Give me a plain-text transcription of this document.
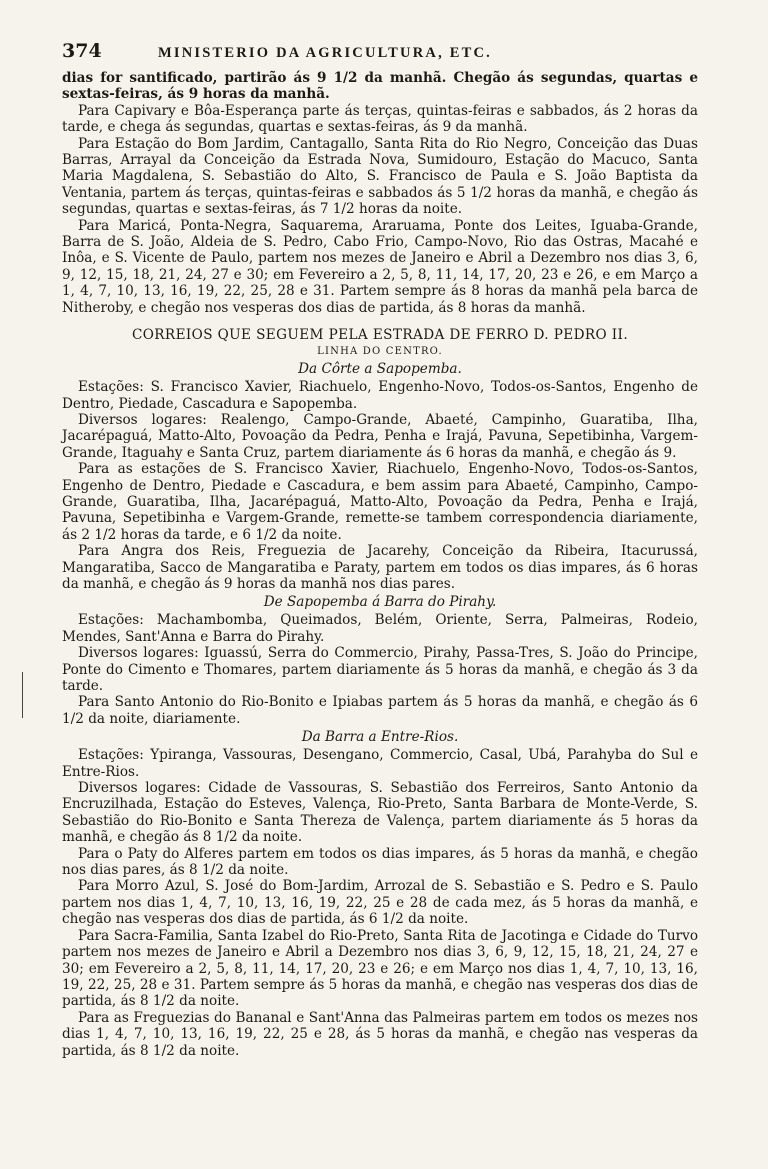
374	MINISTERIO DA AGRICULTURA, ETC.

dias for santificado, partirão ás 9 1/2 da manhã. Chegão ás segundas, quartas e sextas-feiras, ás 9 horas da manhã.

Para Capivary e Bôa-Esperança parte ás terças, quintas-feiras e sabbados, ás 2 horas da tarde, e chega ás segundas, quartas e sextas-feiras, ás 9 da manhã.

Para Estação do Bom Jardim, Cantagallo, Santa Rita do Rio Negro, Conceição das Duas Barras, Arrayal da Conceição da Estrada Nova, Sumidouro, Estação do Macuco, Santa Maria Magdalena, S. Sebastião do Alto, S. Francisco de Paula e S. João Baptista da Ventania, partem ás terças, quintas-feiras e sabbados ás 5 1/2 horas da manhã, e chegão ás segundas, quartas e sextas-feiras, ás 7 1/2 horas da noite.

Para Maricá, Ponta-Negra, Saquarema, Araruama, Ponte dos Leites, Iguaba-Grande, Barra de S. João, Aldeia de S. Pedro, Cabo Frio, Campo-Novo, Rio das Ostras, Macahé e Inôa, e S. Vicente de Paulo, partem nos mezes de Janeiro e Abril a Dezembro nos dias 3, 6, 9, 12, 15, 18, 21, 24, 27 e 30; em Fevereiro a 2, 5, 8, 11, 14, 17, 20, 23 e 26, e em Março a 1, 4, 7, 10, 13, 16, 19, 22, 25, 28 e 31. Partem sempre ás 8 horas da manhã pela barca de Nitheroby, e chegão nos vesperas dos dias de partida, ás 8 horas da manhã.

CORREIOS QUE SEGUEM PELA ESTRADA DE FERRO D. PEDRO II.
LINHA DO CENTRO.
Da Côrte a Sapopemba.

Estações: S. Francisco Xavier, Riachuelo, Engenho-Novo, Todos-os-Santos, Engenho de Dentro, Piedade, Cascadura e Sapopemba.

Diversos logares: Realengo, Campo-Grande, Abaeté, Campinho, Guaratiba, Ilha, Jacarépaguá, Matto-Alto, Povoação da Pedra, Penha e Irajá, Pavuna, Sepetibinha, Vargem-Grande, Itaguahy e Santa Cruz, partem diariamente ás 6 horas da manhã, e chegão ás 9.

Para as estações de S. Francisco Xavier, Riachuelo, Engenho-Novo, Todos-os-Santos, Engenho de Dentro, Piedade e Cascadura, e bem assim para Abaeté, Campinho, Campo-Grande, Guaratiba, Ilha, Jacarépaguá, Matto-Alto, Povoação da Pedra, Penha e Irajá, Pavuna, Sepetibinha e Vargem-Grande, remette-se tambem correspondencia diariamente, ás 2 1/2 horas da tarde, e 6 1/2 da noite.

Para Angra dos Reis, Freguezia de Jacarehy, Conceição da Ribeira, Itacurussá, Mangaratiba, Sacco de Mangaratiba e Paraty, partem em todos os dias impares, ás 6 horas da manhã, e chegão ás 9 horas da manhã nos dias pares.

De Sapopemba á Barra do Pirahy.

Estações: Machambomba, Queimados, Belém, Oriente, Serra, Palmeiras, Rodeio, Mendes, Sant'Anna e Barra do Pirahy.

Diversos logares: Iguassú, Serra do Commercio, Pirahy, Passa-Tres, S. João do Principe, Ponte do Cimento e Thomares, partem diariamente ás 5 horas da manhã, e chegão ás 3 da tarde.

Para Santo Antonio do Rio-Bonito e Ipiabas partem ás 5 horas da manhã, e chegão ás 6 1/2 da noite, diariamente.

Da Barra a Entre-Rios.

Estações: Ypiranga, Vassouras, Desengano, Commercio, Casal, Ubá, Parahyba do Sul e Entre-Rios.

Diversos logares: Cidade de Vassouras, S. Sebastião dos Ferreiros, Santo Antonio da Encruzilhada, Estação do Esteves, Valença, Rio-Preto, Santa Barbara de Monte-Verde, S. Sebastião do Rio-Bonito e Santa Thereza de Valença, partem diariamente ás 5 horas da manhã, e chegão ás 8 1/2 da noite.

Para o Paty do Alferes partem em todos os dias impares, ás 5 horas da manhã, e chegão nos dias pares, ás 8 1/2 da noite.

Para Morro Azul, S. José do Bom-Jardim, Arrozal de S. Sebastião e S. Pedro e S. Paulo partem nos dias 1, 4, 7, 10, 13, 16, 19, 22, 25 e 28 de cada mez, ás 5 horas da manhã, e chegão nas vesperas dos dias de partida, ás 6 1/2 da noite.

Para Sacra-Familia, Santa Izabel do Rio-Preto, Santa Rita de Jacotinga e Cidade do Turvo partem nos mezes de Janeiro e Abril a Dezembro nos dias 3, 6, 9, 12, 15, 18, 21, 24, 27 e 30; em Fevereiro a 2, 5, 8, 11, 14, 17, 20, 23 e 26; e em Março nos dias 1, 4, 7, 10, 13, 16, 19, 22, 25, 28 e 31. Partem sempre ás 5 horas da manhã, e chegão nas vesperas dos dias de partida, ás 8 1/2 da noite.

Para as Freguezias do Bananal e Sant'Anna das Palmeiras partem em todos os mezes nos dias 1, 4, 7, 10, 13, 16, 19, 22, 25 e 28, ás 5 horas da manhã, e chegão nas vesperas da partida, ás 8 1/2 da noite.
